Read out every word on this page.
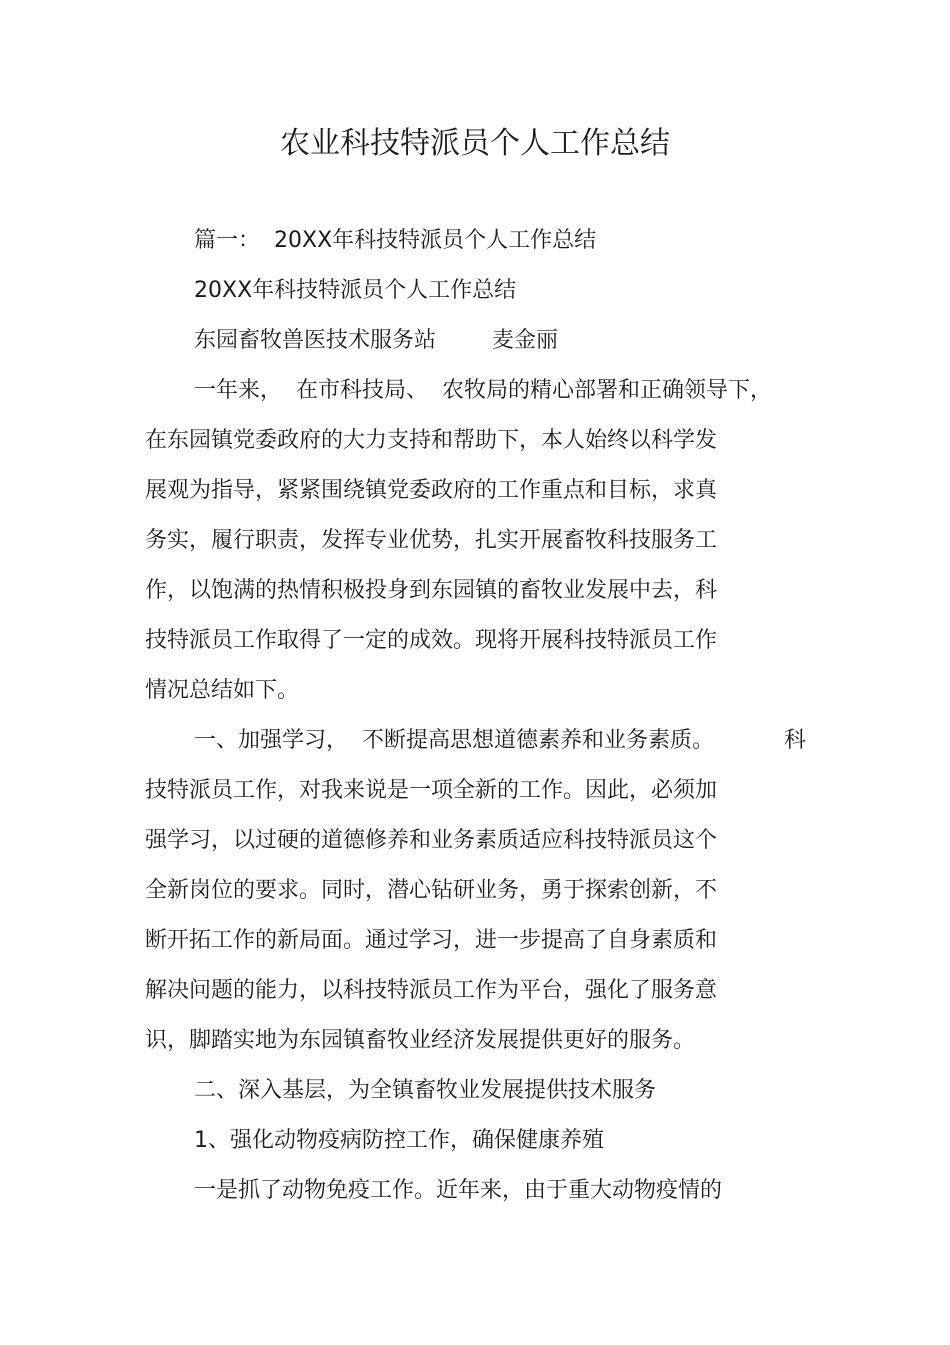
农业科技特派员个人工作总结
篇一： 20XX年科技特派员个人工作总结
20XX年科技特派员个人工作总结
东园畜牧兽医技术服务站	麦金丽
一年来， 在市科技局、 农牧局的精心部署和正确领导下，
在东园镇党委政府的大力支持和帮助下，本人始终以科学发
展观为指导，紧紧围绕镇党委政府的工作重点和目标，求真
务实，履行职责，发挥专业优势，扎实开展畜牧科技服务工
作，以饱满的热情积极投身到东园镇的畜牧业发展中去，科
技特派员工作取得了一定的成效。现将开展科技特派员工作
情况总结如下。
一、加强学习， 不断提高思想道德素养和业务素质。	科
技特派员工作，对我来说是一项全新的工作。因此，必须加
强学习，以过硬的道德修养和业务素质适应科技特派员这个
全新岗位的要求。同时，潜心钻研业务，勇于探索创新，不
断开拓工作的新局面。通过学习，进一步提高了自身素质和
解决问题的能力，以科技特派员工作为平台，强化了服务意
识，脚踏实地为东园镇畜牧业经济发展提供更好的服务。
二、深入基层，为全镇畜牧业发展提供技术服务
1、强化动物疫病防控工作，确保健康养殖
一是抓了动物免疫工作。近年来，由于重大动物疫情的
